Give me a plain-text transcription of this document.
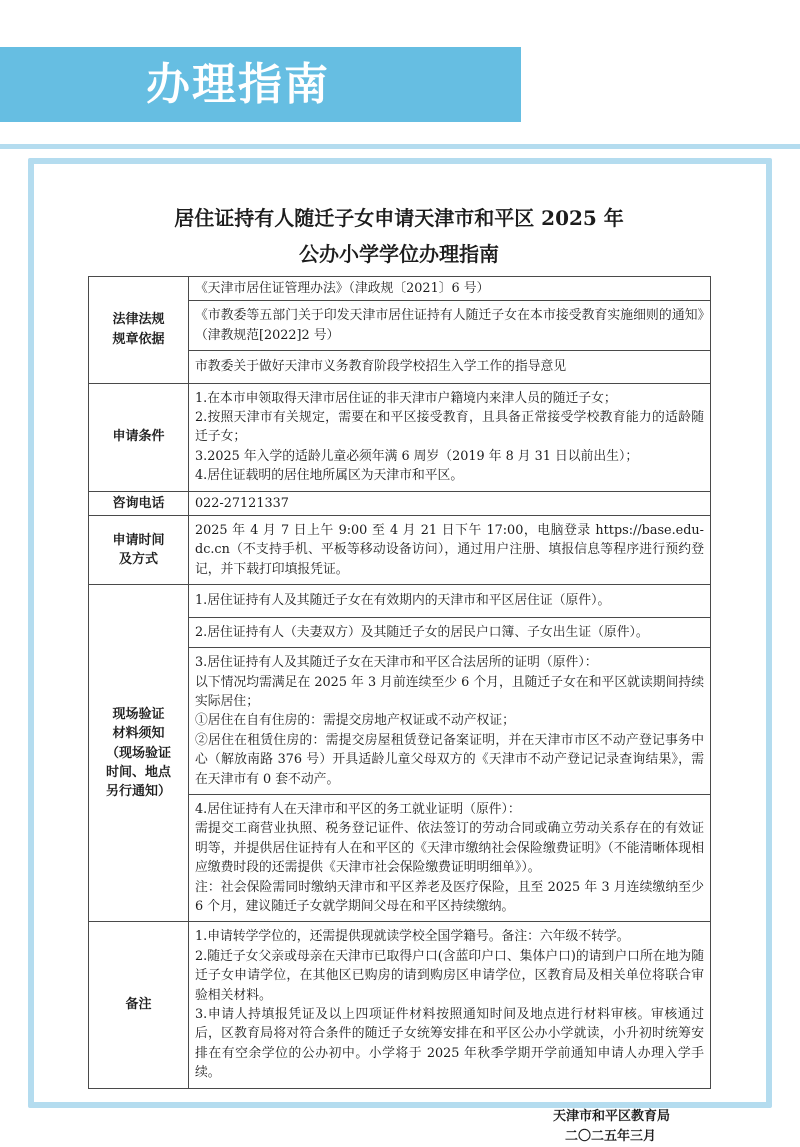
办理指南
居住证持有人随迁子女申请天津市和平区 2025 年
公办小学学位办理指南
法律法规
规章依据	《天津市居住证管理办法》（津政规〔2021〕6 号）
	《市教委等五部门关于印发天津市居住证持有人随迁子女在本市接受教育实施细则的通知》（津教规范[2022]2 号）
	市教委关于做好天津市义务教育阶段学校招生入学工作的指导意见

申请条件	1.在本市申领取得天津市居住证的非天津市户籍境内来津人员的随迁子女；

2.按照天津市有关规定，需要在和平区接受教育，且具备正常接受学校教育能力的适龄随迁子女；

3.2025 年入学的适龄儿童必须年满 6 周岁（2019 年 8 月 31 日以前出生）；

4.居住证载明的居住地所属区为天津市和平区。

咨询电话	022-27121337

申请时间
及方式	2025 年 4 月 7 日上午 9:00 至 4 月 21 日下午 17:00，电脑登录 https://base.edu-dc.cn（不支持手机、平板等移动设备访问），通过用户注册、填报信息等程序进行预约登记，并下载打印填报凭证。

现场验证
材料须知
（现场验证
时间、地点
另行通知）	1.居住证持有人及其随迁子女在有效期内的天津市和平区居住证（原件）。

	2.居住证持有人（夫妻双方）及其随迁子女的居民户口簿、子女出生证（原件）。

	3.居住证持有人及其随迁子女在天津市和平区合法居所的证明（原件）：

以下情况均需满足在 2025 年 3 月前连续至少 6 个月，且随迁子女在和平区就读期间持续实际居住；

①居住在自有住房的：需提交房地产权证或不动产权证；

②居住在租赁住房的：需提交房屋租赁登记备案证明，并在天津市市区不动产登记事务中心（解放南路 376 号）开具适龄儿童父母双方的《天津市不动产登记记录查询结果》，需在天津市有 0 套不动产。

	4.居住证持有人在天津市和平区的务工就业证明（原件）：

需提交工商营业执照、税务登记证件、依法签订的劳动合同或确立劳动关系存在的有效证明等，并提供居住证持有人在和平区的《天津市缴纳社会保险缴费证明》（不能清晰体现相应缴费时段的还需提供《天津市社会保险缴费证明明细单》）。

注：社会保险需同时缴纳天津市和平区养老及医疗保险，且至 2025 年 3 月连续缴纳至少 6 个月，建议随迁子女就学期间父母在和平区持续缴纳。

备注	1.申请转学学位的，还需提供现就读学校全国学籍号。备注：六年级不转学。

2.随迁子女父亲或母亲在天津市已取得户口(含蓝印户口、集体户口)的请到户口所在地为随迁子女申请学位，在其他区已购房的请到购房区申请学位，区教育局及相关单位将联合审验相关材料。

3.申请人持填报凭证及以上四项证件材料按照通知时间及地点进行材料审核。审核通过后，区教育局将对符合条件的随迁子女统筹安排在和平区公办小学就读，小升初时统筹安排在有空余学位的公办初中。小学将于 2025 年秋季学期开学前通知申请人办理入学手续。

天津市和平区教育局
二〇二五年三月
